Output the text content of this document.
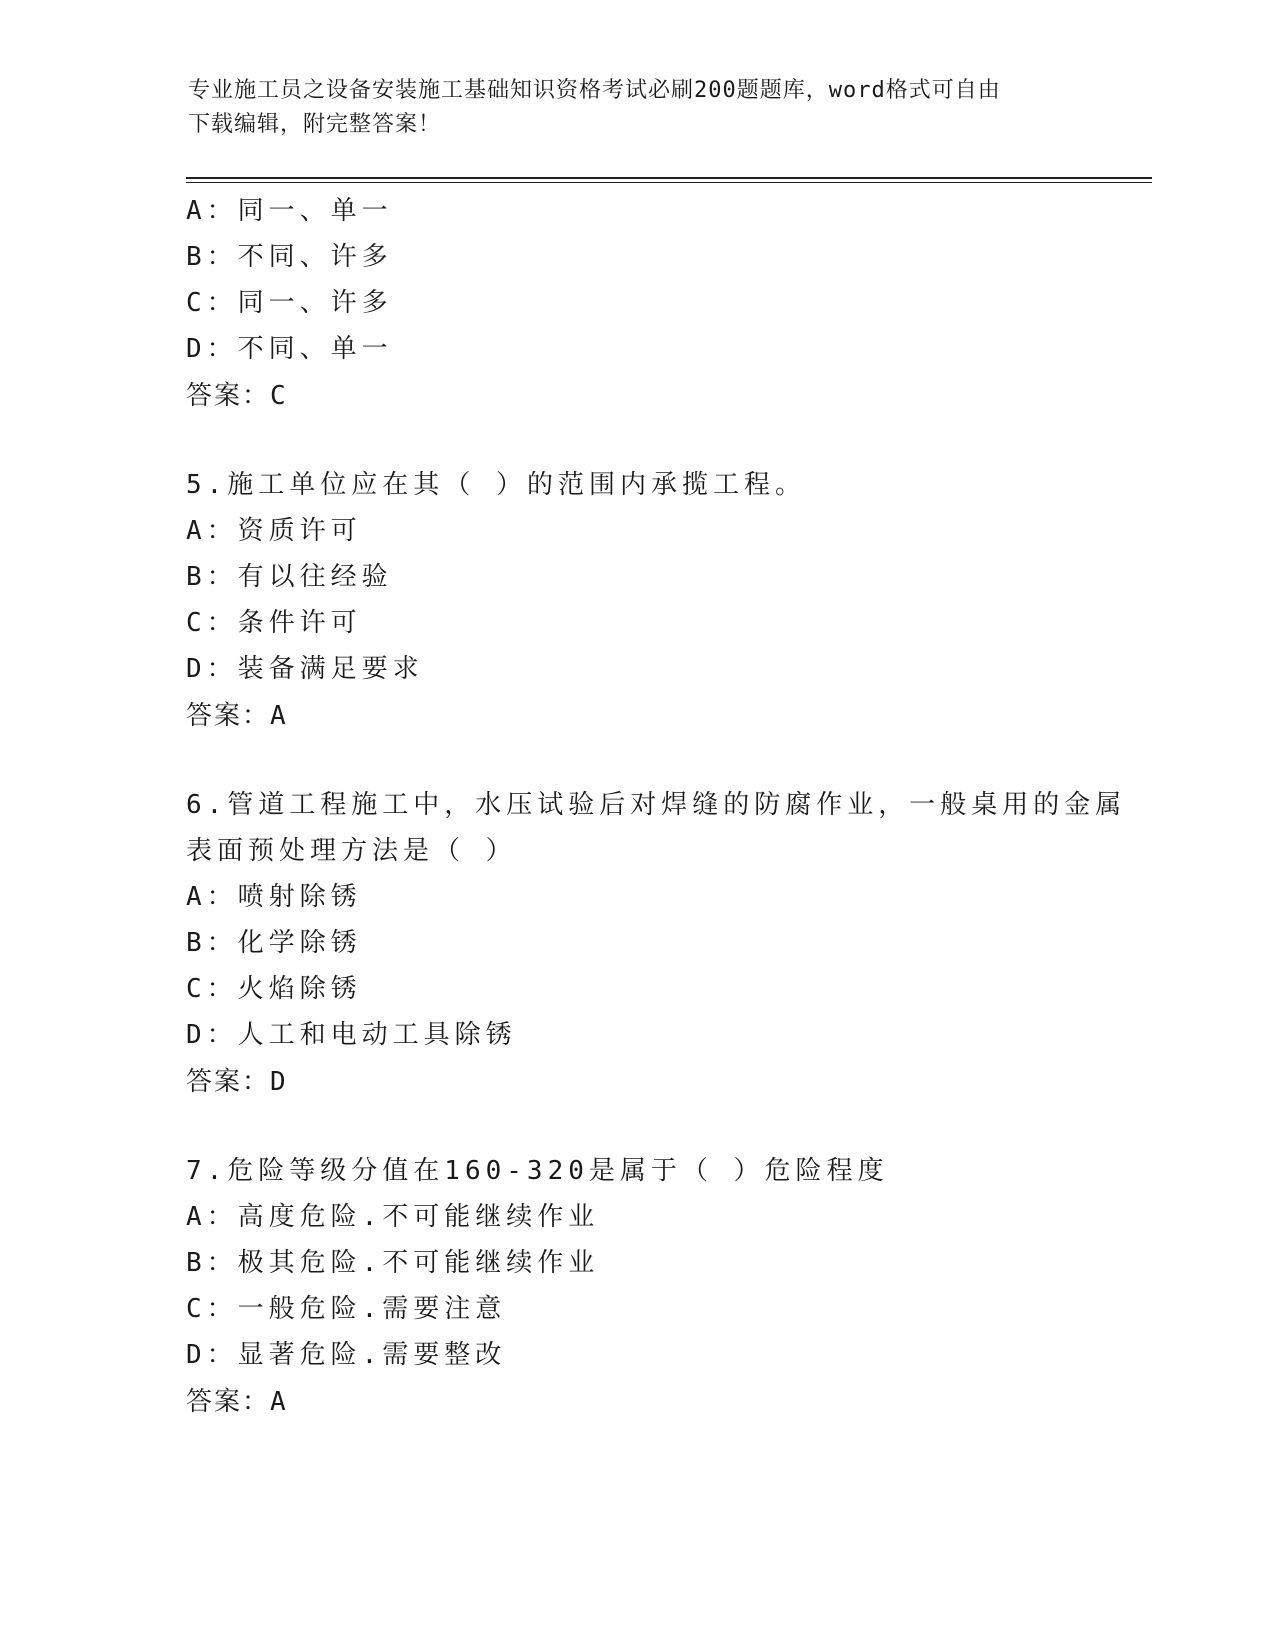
专业施工员之设备安装施工基础知识资格考试必刷200题题库，word格式可自由
下载编辑，附完整答案！
A：同一、单一
B：不同、许多
C：同一、许多
D：不同、单一
答案：C
5.施工单位应在其（ ）的范围内承揽工程。
A：资质许可
B：有以往经验
C：条件许可
D：装备满足要求
答案：A
6.管道工程施工中，水压试验后对焊缝的防腐作业，一般桌用的金属
表面预处理方法是（ ）
A：喷射除锈
B：化学除锈
C：火焰除锈
D：人工和电动工具除锈
答案：D
7.危险等级分值在160-320是属于（ ）危险程度
A：高度危险.不可能继续作业
B：极其危险.不可能继续作业
C：一般危险.需要注意
D：显著危险.需要整改
答案：A
